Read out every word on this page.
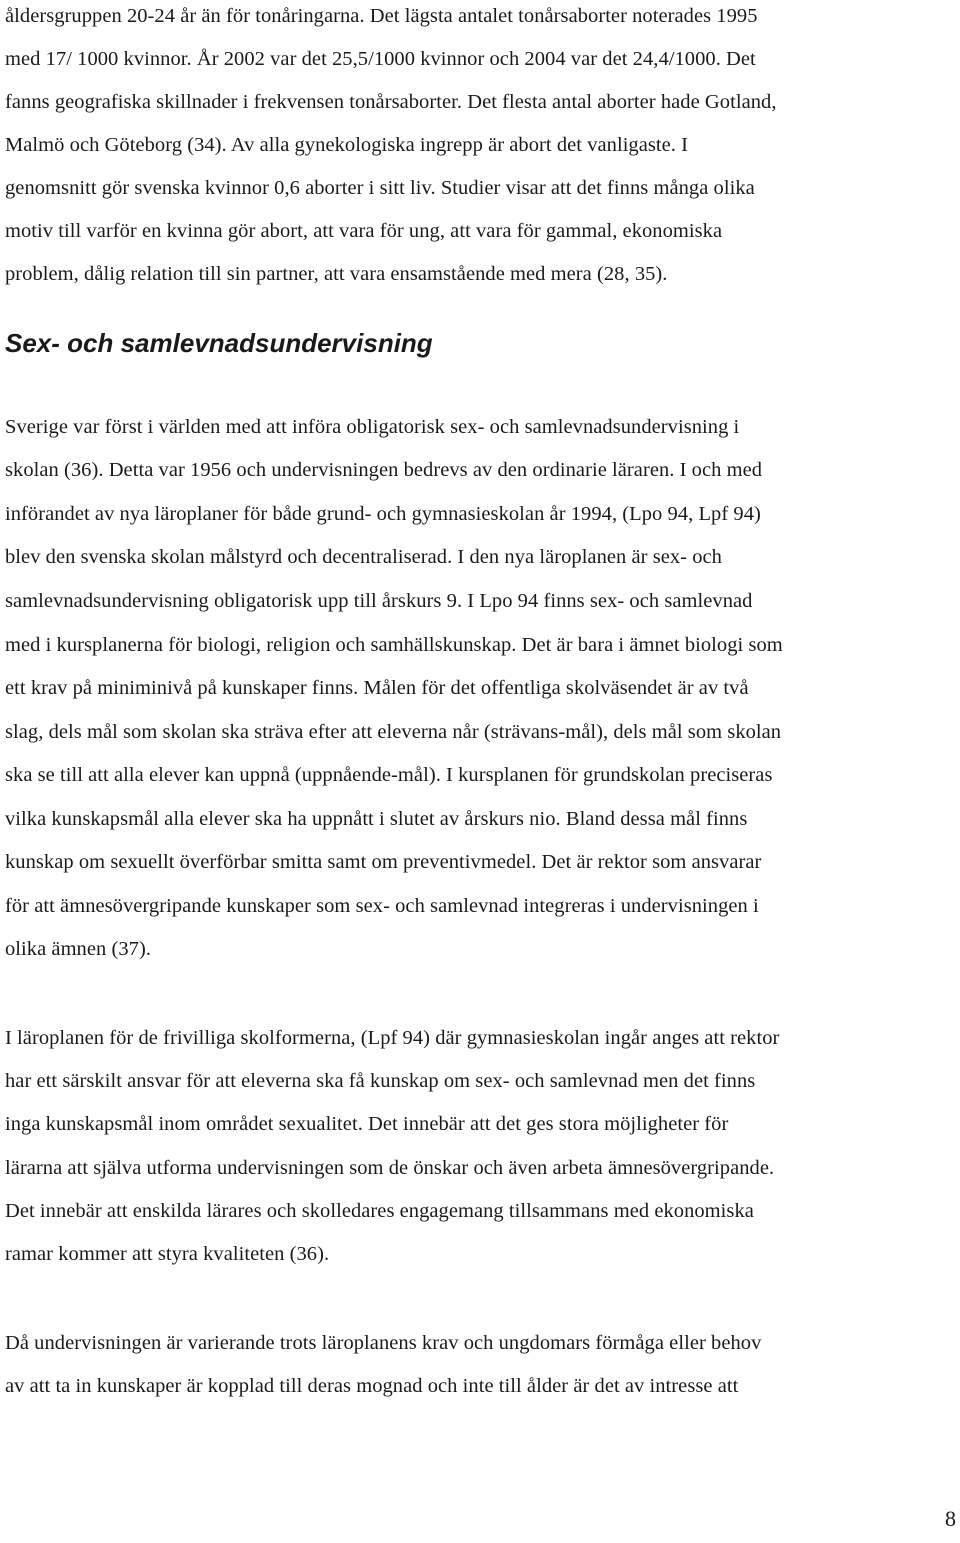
åldersgruppen 20-24 år än för tonåringarna. Det lägsta antalet tonårsaborter noterades 1995
med 17/ 1000 kvinnor. År 2002 var det 25,5/1000 kvinnor och 2004 var det 24,4/1000. Det
fanns geografiska skillnader i frekvensen tonårsaborter. Det flesta antal aborter hade Gotland,
Malmö och Göteborg (34). Av alla gynekologiska ingrepp är abort det vanligaste. I
genomsnitt gör svenska kvinnor 0,6 aborter i sitt liv. Studier visar att det finns många olika
motiv till varför en kvinna gör abort, att vara för ung, att vara för gammal, ekonomiska
problem, dålig relation till sin partner, att vara ensamstående med mera (28, 35).
Sex- och samlevnadsundervisning
Sverige var först i världen med att införa obligatorisk sex- och samlevnadsundervisning i
skolan (36). Detta var 1956 och undervisningen bedrevs av den ordinarie läraren. I och med
införandet av nya läroplaner för både grund- och gymnasieskolan år 1994, (Lpo 94, Lpf 94)
blev den svenska skolan målstyrd och decentraliserad. I den nya läroplanen är sex- och
samlevnadsundervisning obligatorisk upp till årskurs 9. I Lpo 94 finns sex- och samlevnad
med i kursplanerna för biologi, religion och samhällskunskap. Det är bara i ämnet biologi som
ett krav på miniminivå på kunskaper finns. Målen för det offentliga skolväsendet är av två
slag, dels mål som skolan ska sträva efter att eleverna når (strävans-mål), dels mål som skolan
ska se till att alla elever kan uppnå (uppnående-mål). I kursplanen för grundskolan preciseras
vilka kunskapsmål alla elever ska ha uppnått i slutet av årskurs nio. Bland dessa mål finns
kunskap om sexuellt överförbar smitta samt om preventivmedel. Det är rektor som ansvarar
för att ämnesövergripande kunskaper som sex- och samlevnad integreras i undervisningen i
olika ämnen (37).
I läroplanen för de frivilliga skolformerna, (Lpf 94) där gymnasieskolan ingår anges att rektor
har ett särskilt ansvar för att eleverna ska få kunskap om sex- och samlevnad men det finns
inga kunskapsmål inom området sexualitet. Det innebär att det ges stora möjligheter för
lärarna att själva utforma undervisningen som de önskar och även arbeta ämnesövergripande.
Det innebär att enskilda lärares och skolledares engagemang tillsammans med ekonomiska
ramar kommer att styra kvaliteten (36).
Då undervisningen är varierande trots läroplanens krav och ungdomars förmåga eller behov
av att ta in kunskaper är kopplad till deras mognad och inte till ålder är det av intresse att
8
